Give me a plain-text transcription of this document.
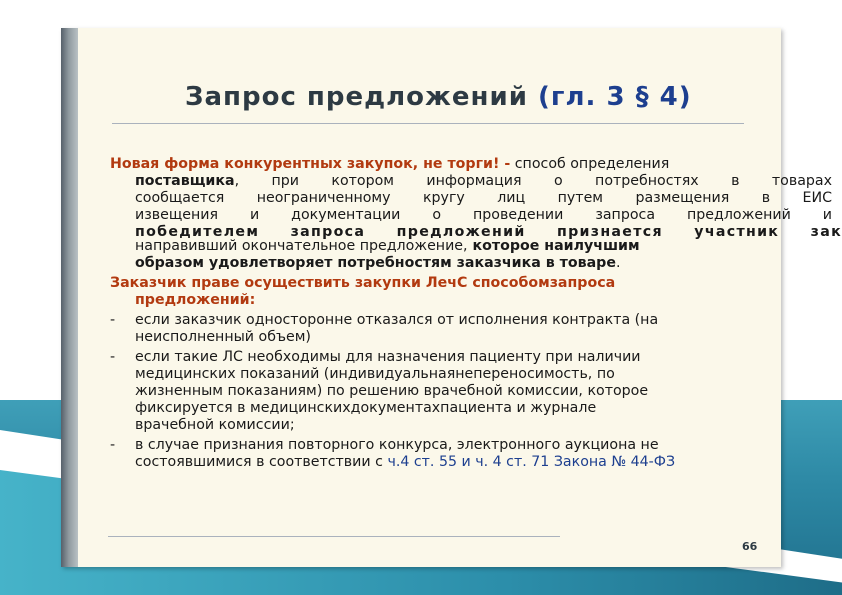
Запрос предложений (гл. 3 § 4)
Новая форма конкурентных закупок, не торги! - способ определения
поставщика, при котором информация о потребностях в товарах
сообщается неограниченному кругу лиц путем размещения в ЕИС
извещения и документации о проведении запроса предложений и
победителем запроса предложений признается участник зак
направивший окончательное предложение, которое наилучшим
образом удовлетворяет потребностям заказчика в товаре.
Заказчик праве осуществить закупки ЛечС способомзапроса
предложений:
-	если заказчик односторонне отказался от исполнения контракта (на
неисполненный объем)
-	если такие ЛС необходимы для назначения пациенту при наличии
медицинских показаний (индивидуальнаянепереносимость, по
жизненным показаниям) по решению врачебной комиссии, которое
фиксируется в медицинскихдокументахпациента и журнале
врачебной комиссии;
-	в случае признания повторного конкурса, электронного аукциона не
состоявшимися в соответствии с ч.4 ст. 55 и ч. 4 ст. 71 Закона № 44-ФЗ
66
